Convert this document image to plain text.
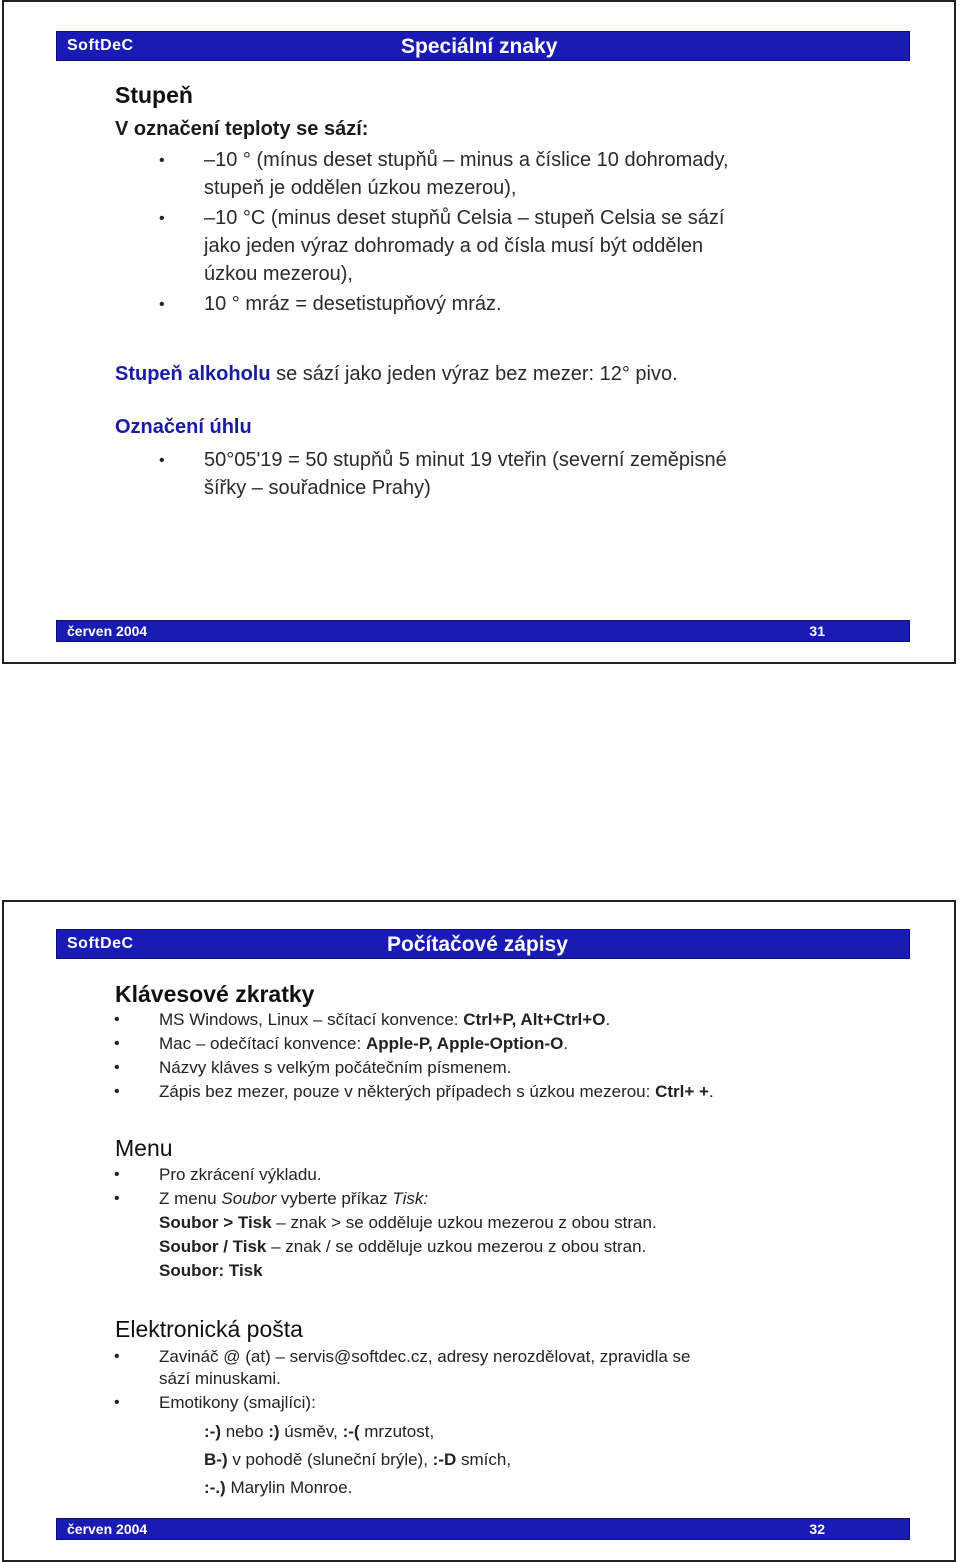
SoftDeC	Speciální znaky
Stupeň
V označení teploty se sází:
• –10 ° (mínus deset stupňů – minus a číslice 10 dohromady,
stupeň je oddělen úzkou mezerou),
• –10 °C (minus deset stupňů Celsia – stupeň Celsia se sází
jako jeden výraz dohromady a od čísla musí být oddělen
úzkou mezerou),
• 10 ° mráz = desetistupňový mráz.
Stupeň alkoholu se sází jako jeden výraz bez mezer: 12° pivo.
Označení úhlu
• 50°05'19 = 50 stupňů 5 minut 19 vteřin (severní zeměpisné
šířky – souřadnice Prahy)
červen 2004	31
SoftDeC	Počítačové zápisy
Klávesové zkratky
• MS Windows, Linux – sčítací konvence: Ctrl+P, Alt+Ctrl+O.
• Mac – odečítací konvence: Apple-P, Apple-Option-O.
• Názvy kláves s velkým počátečním písmenem.
• Zápis bez mezer, pouze v některých případech s úzkou mezerou: Ctrl+ +.
Menu
• Pro zkrácení výkladu.
• Z menu Soubor vyberte příkaz Tisk:
Soubor > Tisk – znak > se odděluje uzkou mezerou z obou stran.
Soubor / Tisk – znak / se odděluje uzkou mezerou z obou stran.
Soubor: Tisk
Elektronická pošta
• Zavináč @ (at) – servis@softdec.cz, adresy nerozdělovat, zpravidla se
sází minuskami.
• Emotikony (smajlíci):
:-) nebo :) úsměv, :-( mrzutost,
B-) v pohodě (sluneční brýle), :-D smích,
:-.) Marylin Monroe.
červen 2004	32
